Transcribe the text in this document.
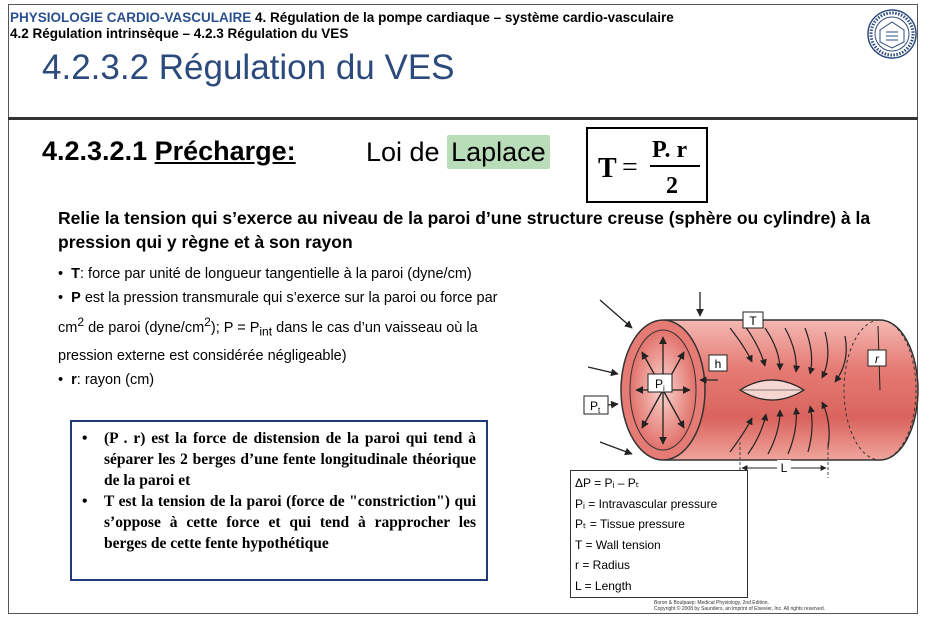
PHYSIOLOGIE CARDIO-VASCULAIRE 4. Régulation de la pompe cardiaque – système cardio-vasculaire
4.2 Régulation intrinsèque – 4.2.3 Régulation du VES
4.2.3.2 Régulation du VES
4.2.3.2.1 Précharge:	Loi de Laplace
T =
P. r
2
Relie la tension qui s’exerce au niveau de la paroi d’une structure creuse (sphère ou cylindre) à la pression qui y règne et à son rayon
•  T: force par unité de longueur tangentielle à la paroi (dyne/cm)
•  P est la pression transmurale qui s’exerce sur la paroi ou force par
$cm^2$ de paroi $(dyne/cm^2)$; $P = P_{int}$ dans le cas d’un vaisseau où la
pression externe est considérée négligeable)
•  r: rayon (cm)
•	(P . r) est la force de distension de la paroi qui tend à séparer les 2 berges d’une fente longitudinale théorique de la paroi et
•	T est la tension de la paroi (force de "constriction") qui s’oppose à cette force et qui tend à rapprocher les berges de cette fente hypothétique
L
T
h
$P_i$
$P_t$
r
ΔP = Pᵢ – Pₜ
Pᵢ = Intravascular pressure
Pₜ = Tissue pressure
T = Wall tension
r = Radius
L = Length
Boron & Boulpaep: Medical Physiology, 2nd Edition.
Copyright © 2008 by Saunders, an imprint of Elsevier, Inc. All rights reserved.
